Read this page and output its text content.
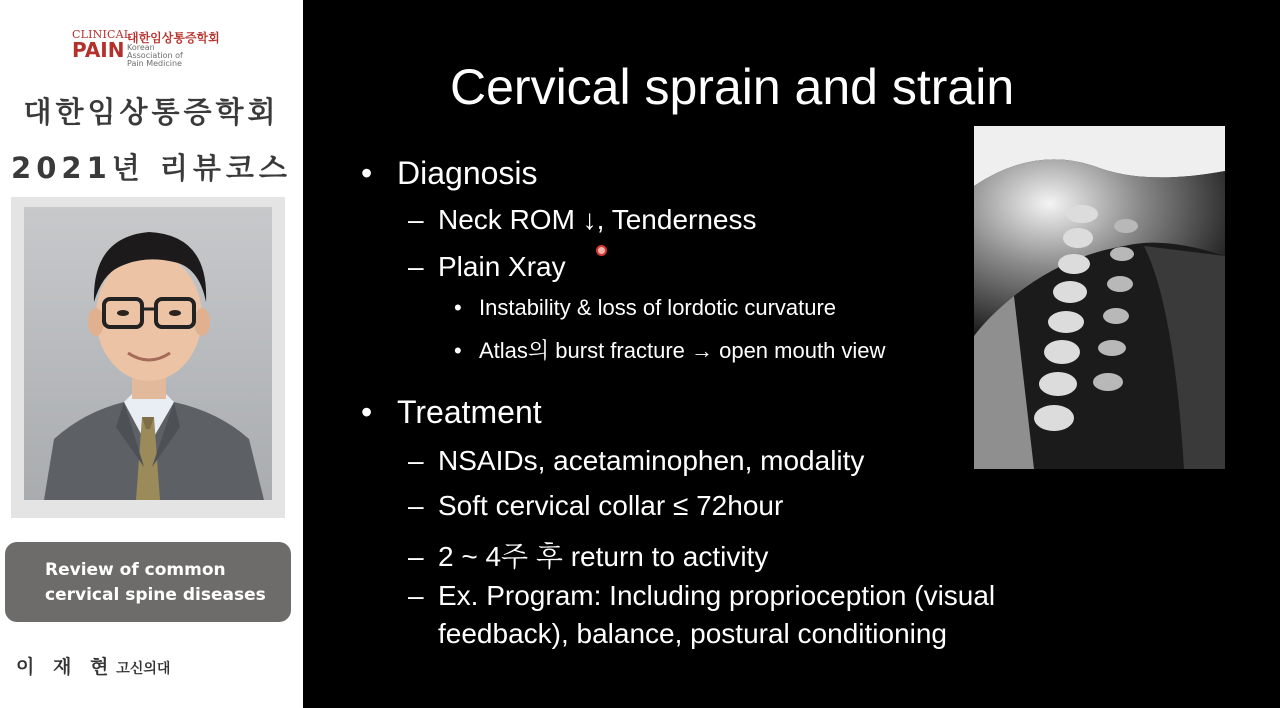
CLINICAL
PAIN 대한임상통증학회
Korean Association of Pain Medicine
대한임상통증학회
2021년 리뷰코스
Review of common
cervical spine diseases
이 재 현 고신의대
Cervical sprain and strain
• Diagnosis
– Neck ROM ↓, Tenderness
– Plain Xray
• Instability & loss of lordotic curvature
• Atlas의 burst fracture → open mouth view
• Treatment
– NSAIDs, acetaminophen, modality
– Soft cervical collar ≤ 72hour
– 2 ~ 4주 후 return to activity
– Ex. Program: Including proprioception (visual
feedback), balance, postural conditioning
